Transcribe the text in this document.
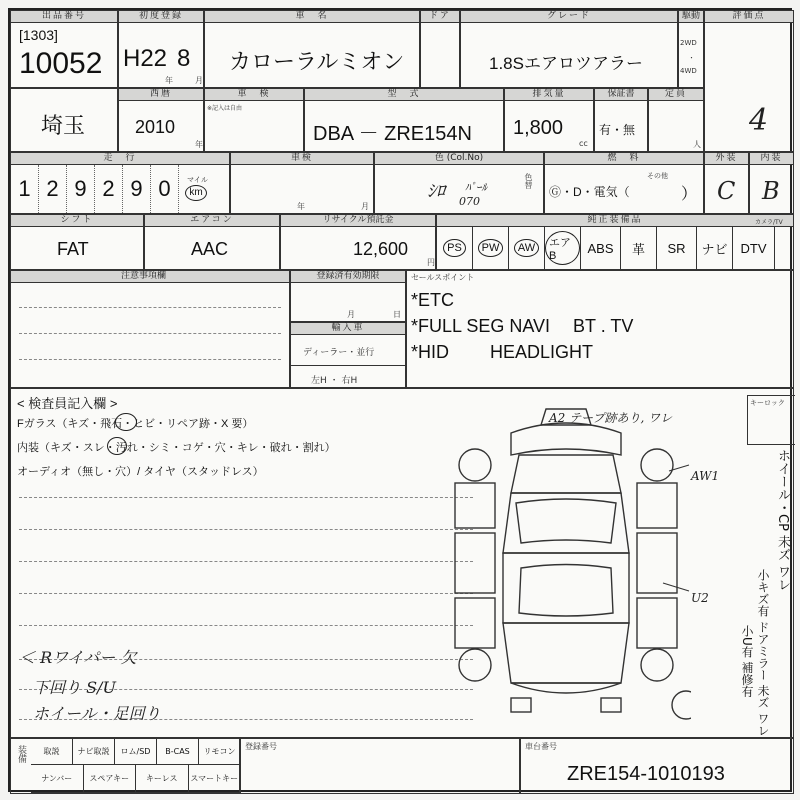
出品番号
[1303]
10052
初度登録
H22 8
年	月
車　名
カローラルミオン
ドア	グレード
1.8Sエアロツアラー
駆動
2WD
・
4WD
評価点
4
埼玉
西暦
2010
年
車　検
※記入は自由
型　式
DBA － ZRE154N
排気量
1,800
cc
保証書
有・無
定員
人
走　行
1 2 9 2 9 0	マイル
km
車検
年	月
色 (Col.No)
ｼﾛ ﾊﾟｰﾙ
070
色替
燃　料
Ⓖ・D・電気（
その他
）
外装
C
内装
B
シフト
FAT
エアコン
AAC
リサイクル預託金
12,600
円
純正装備品	カメラ/TV
PS	PW	AW	エアB
ABS 革 SR ナビ DTV
注意事項欄	登録済有効期限
月	日
輸入車
ディーラー・並行
左H ・ 右H
セールスポイント
*ETC
*FULL SEG NAVI　 BT . TV
*HID　　 HEADLIGHT
< 検査員記入欄 >
Fガラス（キズ・飛石・ヒビ・リペア跡・X 要）
内装（キズ・スレ・汚れ・シミ・コゲ・穴・キレ・破れ・割れ）
オーディオ（無し・穴）/ タイヤ（スタッドレス）
＜ Rワイパー 欠
下回り S/U
ホイール・足回り
キーロック
A2 テープ跡あり, ワレ
AW1
U2
ホイール・CP 未ズ ワレ
小キズ有 ドアミラー 未ズ ワレ
小U有 補修有
装備	取説	ナビ取説	ロム/SD	B-CAS	リモコン
ナンバー	スペアキー	キーレス	スマートキー
登録番号	車台番号
ZRE154-1010193
